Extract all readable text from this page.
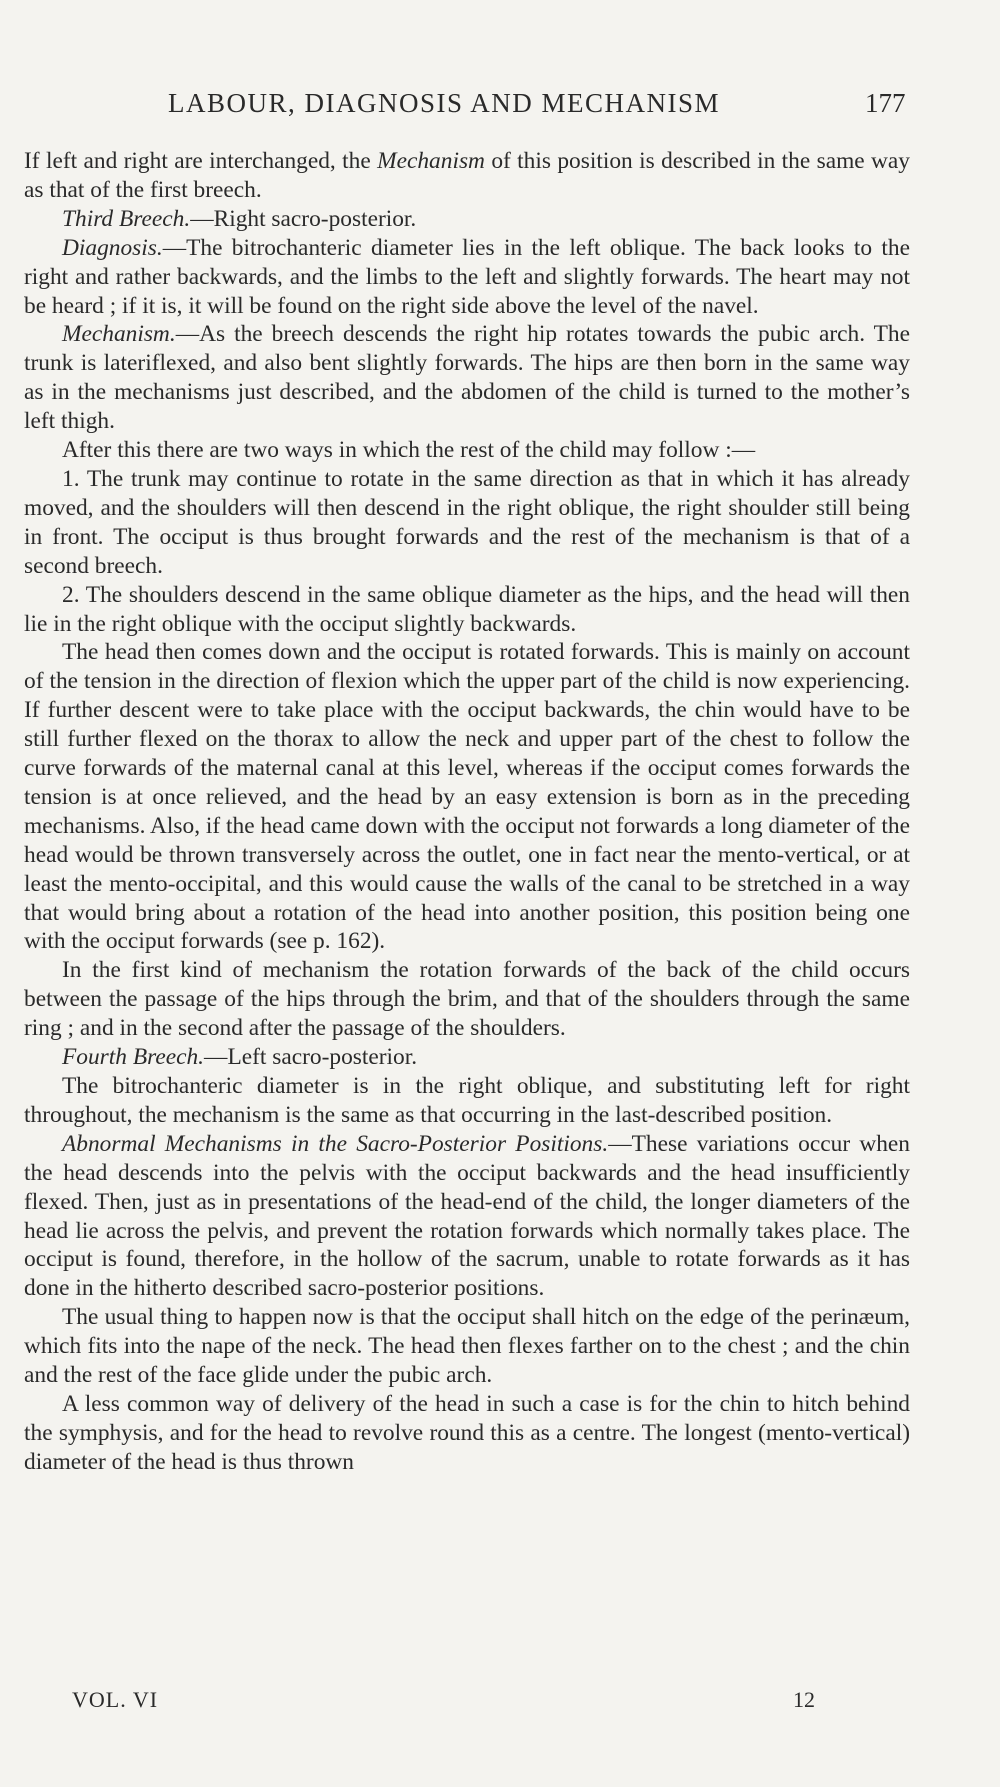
LABOUR, DIAGNOSIS AND MECHANISM	177

If left and right are interchanged, the Mechanism of this position is described in the same way as that of the first breech.

Third Breech.—Right sacro-posterior.

Diagnosis.—The bitrochanteric diameter lies in the left oblique. The back looks to the right and rather backwards, and the limbs to the left and slightly forwards. The heart may not be heard ; if it is, it will be found on the right side above the level of the navel.

Mechanism.—As the breech descends the right hip rotates towards the pubic arch. The trunk is lateriflexed, and also bent slightly forwards. The hips are then born in the same way as in the mechanisms just described, and the abdomen of the child is turned to the mother’s left thigh.

After this there are two ways in which the rest of the child may follow :—

1. The trunk may continue to rotate in the same direction as that in which it has already moved, and the shoulders will then descend in the right oblique, the right shoulder still being in front. The occiput is thus brought forwards and the rest of the mechanism is that of a second breech.

2. The shoulders descend in the same oblique diameter as the hips, and the head will then lie in the right oblique with the occiput slightly backwards.

The head then comes down and the occiput is rotated forwards. This is mainly on account of the tension in the direction of flexion which the upper part of the child is now experiencing. If further descent were to take place with the occiput backwards, the chin would have to be still further flexed on the thorax to allow the neck and upper part of the chest to follow the curve forwards of the maternal canal at this level, whereas if the occiput comes forwards the tension is at once relieved, and the head by an easy extension is born as in the preceding mechanisms. Also, if the head came down with the occiput not forwards a long diameter of the head would be thrown transversely across the outlet, one in fact near the mento-vertical, or at least the mento-occipital, and this would cause the walls of the canal to be stretched in a way that would bring about a rotation of the head into another position, this position being one with the occiput forwards (see p. 162).

In the first kind of mechanism the rotation forwards of the back of the child occurs between the passage of the hips through the brim, and that of the shoulders through the same ring ; and in the second after the passage of the shoulders.

Fourth Breech.—Left sacro-posterior.

The bitrochanteric diameter is in the right oblique, and substituting left for right throughout, the mechanism is the same as that occurring in the last-described position.

Abnormal Mechanisms in the Sacro-Posterior Positions.—These variations occur when the head descends into the pelvis with the occiput backwards and the head insufficiently flexed. Then, just as in presentations of the head-end of the child, the longer diameters of the head lie across the pelvis, and prevent the rotation forwards which normally takes place. The occiput is found, therefore, in the hollow of the sacrum, unable to rotate forwards as it has done in the hitherto described sacro-posterior positions.

The usual thing to happen now is that the occiput shall hitch on the edge of the perinæum, which fits into the nape of the neck. The head then flexes farther on to the chest ; and the chin and the rest of the face glide under the pubic arch.

A less common way of delivery of the head in such a case is for the chin to hitch behind the symphysis, and for the head to revolve round this as a centre. The longest (mento-vertical) diameter of the head is thus thrown

VOL. VI	12
